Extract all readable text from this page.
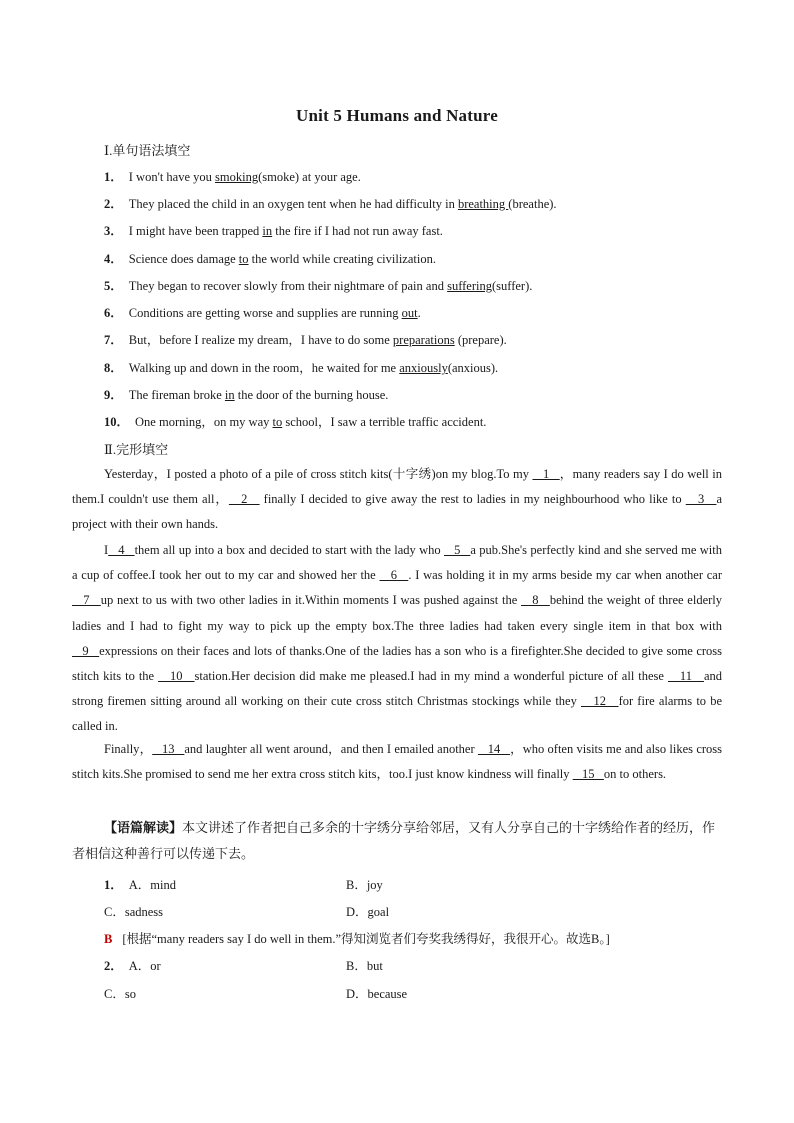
Unit 5 Humans and Nature
Ⅰ.单句语法填空
1． I won't have you smoking(smoke) at your age.
2． They placed the child in an oxygen tent when he had difficulty in breathing (breathe).
3． I might have been trapped in the fire if I had not run away fast.
4． Science does damage to the world while creating civilization.
5． They began to recover slowly from their nightmare of pain and suffering(suffer).
6． Conditions are getting worse and supplies are running out.
7． But，before I realize my dream，I have to do some preparations (prepare).
8． Walking up and down in the room，he waited for me anxiously(anxious).
9． The fireman broke in the door of the burning house.
10． One morning，on my way to school，I saw a terrible traffic accident.
Ⅱ.完形填空
Yesterday，I posted a photo of a pile of cross stitch kits(十字绣)on my blog.To my    1   ，many readers say I do well in them.I couldn't use them all，   2    finally I decided to give away the rest to ladies in my neighbourhood who like to    3   a project with their own hands.
I   4   them all up into a box and decided to start with the lady who    5   a pub.She's perfectly kind and she served me with a cup of coffee.I took her out to my car and showed her the    6   . I was holding it in my arms beside my car when another car    7   up next to us with two other ladies in it.Within moments I was pushed against the    8   behind the weight of three elderly ladies and I had to fight my way to pick up the empty box.The three ladies had taken every single item in that box with    9   expressions on their faces and lots of thanks.One of the ladies has a son who is a firefighter.She decided to give some cross stitch kits to the    10   station.Her decision did make me pleased.I had in my mind a wonderful picture of all these    11   and strong firemen sitting around all working on their cute cross stitch Christmas stockings while they    12   for fire alarms to be called in.
Finally，   13   and laughter all went around，and then I emailed another    14   ，who often visits me and also likes cross stitch kits.She promised to send me her extra cross stitch kits，too.I just know kindness will finally    15   on to others.
【语篇解读】本文讲述了作者把自己多余的十字绣分享给邻居，又有人分享自己的十字绣给作者的经历，作者相信这种善行可以传递下去。
1． A．mind	B．joy
C．sadness	D．goal
B [根据“many readers say I do well in them.”得知浏览者们夸奖我绣得好，我很开心。故选B。]
2． A．or	B．but
C．so	D．because
